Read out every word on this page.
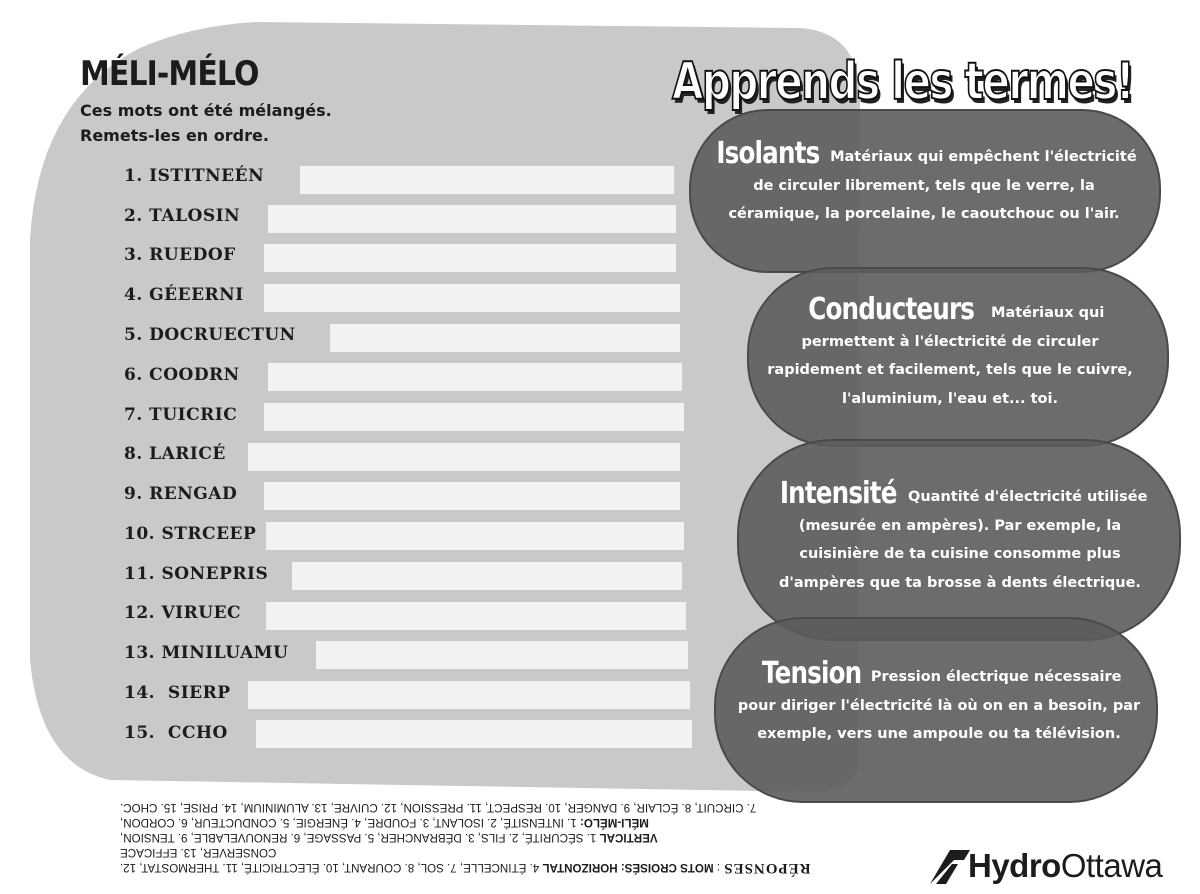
MÉLI-MÉLO
Ces mots ont été mélangés.
Remets-les en ordre.
1. ISTITNEÉN
2. TALOSIN
3. RUEDOF
4. GÉEERNI
5. DOCRUECTUN
6. COODRN
7. TUICRIC
8. LARICÉ
9. RENGAD
10. STRCEEP
11. SONEPRIS
12. VIRUEC
13. MINILUAMU
14.  SIERP
15.  CCHO
Apprends les termes!
Isolants Matériaux qui empêchent l'électricité de circuler librement, tels que le verre, la céramique, la porcelaine, le caoutchouc ou l'air.
Conducteurs Matériaux qui permettent à l'électricité de circuler rapidement et facilement, tels que le cuivre, l'aluminium, l'eau et... toi.
Intensité Quantité d'électricité utilisée (mesurée en ampères). Par exemple, la cuisinière de ta cuisine consomme plus d'ampères que ta brosse à dents électrique.
Tension Pression électrique nécessaire pour diriger l'électricité là où on en a besoin, par exemple, vers une ampoule ou ta télévision.

RÉPONSES : MOTS CROISÉS: HORIZONTAL 4. ÉTINCELLE, 7. SOL, 8. COURANT, 10. ÉLECTRICITÉ, 11. THERMOSTAT, 12. CONSERVER, 13. EFFICACE

VERTICAL 1. SÉCURITÉ, 2. FILS, 3. DÉBRANCHER, 5. PASSAGE, 6. RENOUVELABLE, 9. TENSION,

MÉLI-MÉLO: 1. INTENSITÉ, 2. ISOLANT, 3. FOUDRE, 4. ÉNERGIE, 5. CONDUCTEUR, 6. CORDON,

7. CIRCUIT, 8. ÉCLAIR, 9. DANGER, 10. RESPECT, 11. PRESSION, 12. CUIVRE, 13. ALUMINIUM, 14. PRISE, 15. CHOC.

HydroOttawa
